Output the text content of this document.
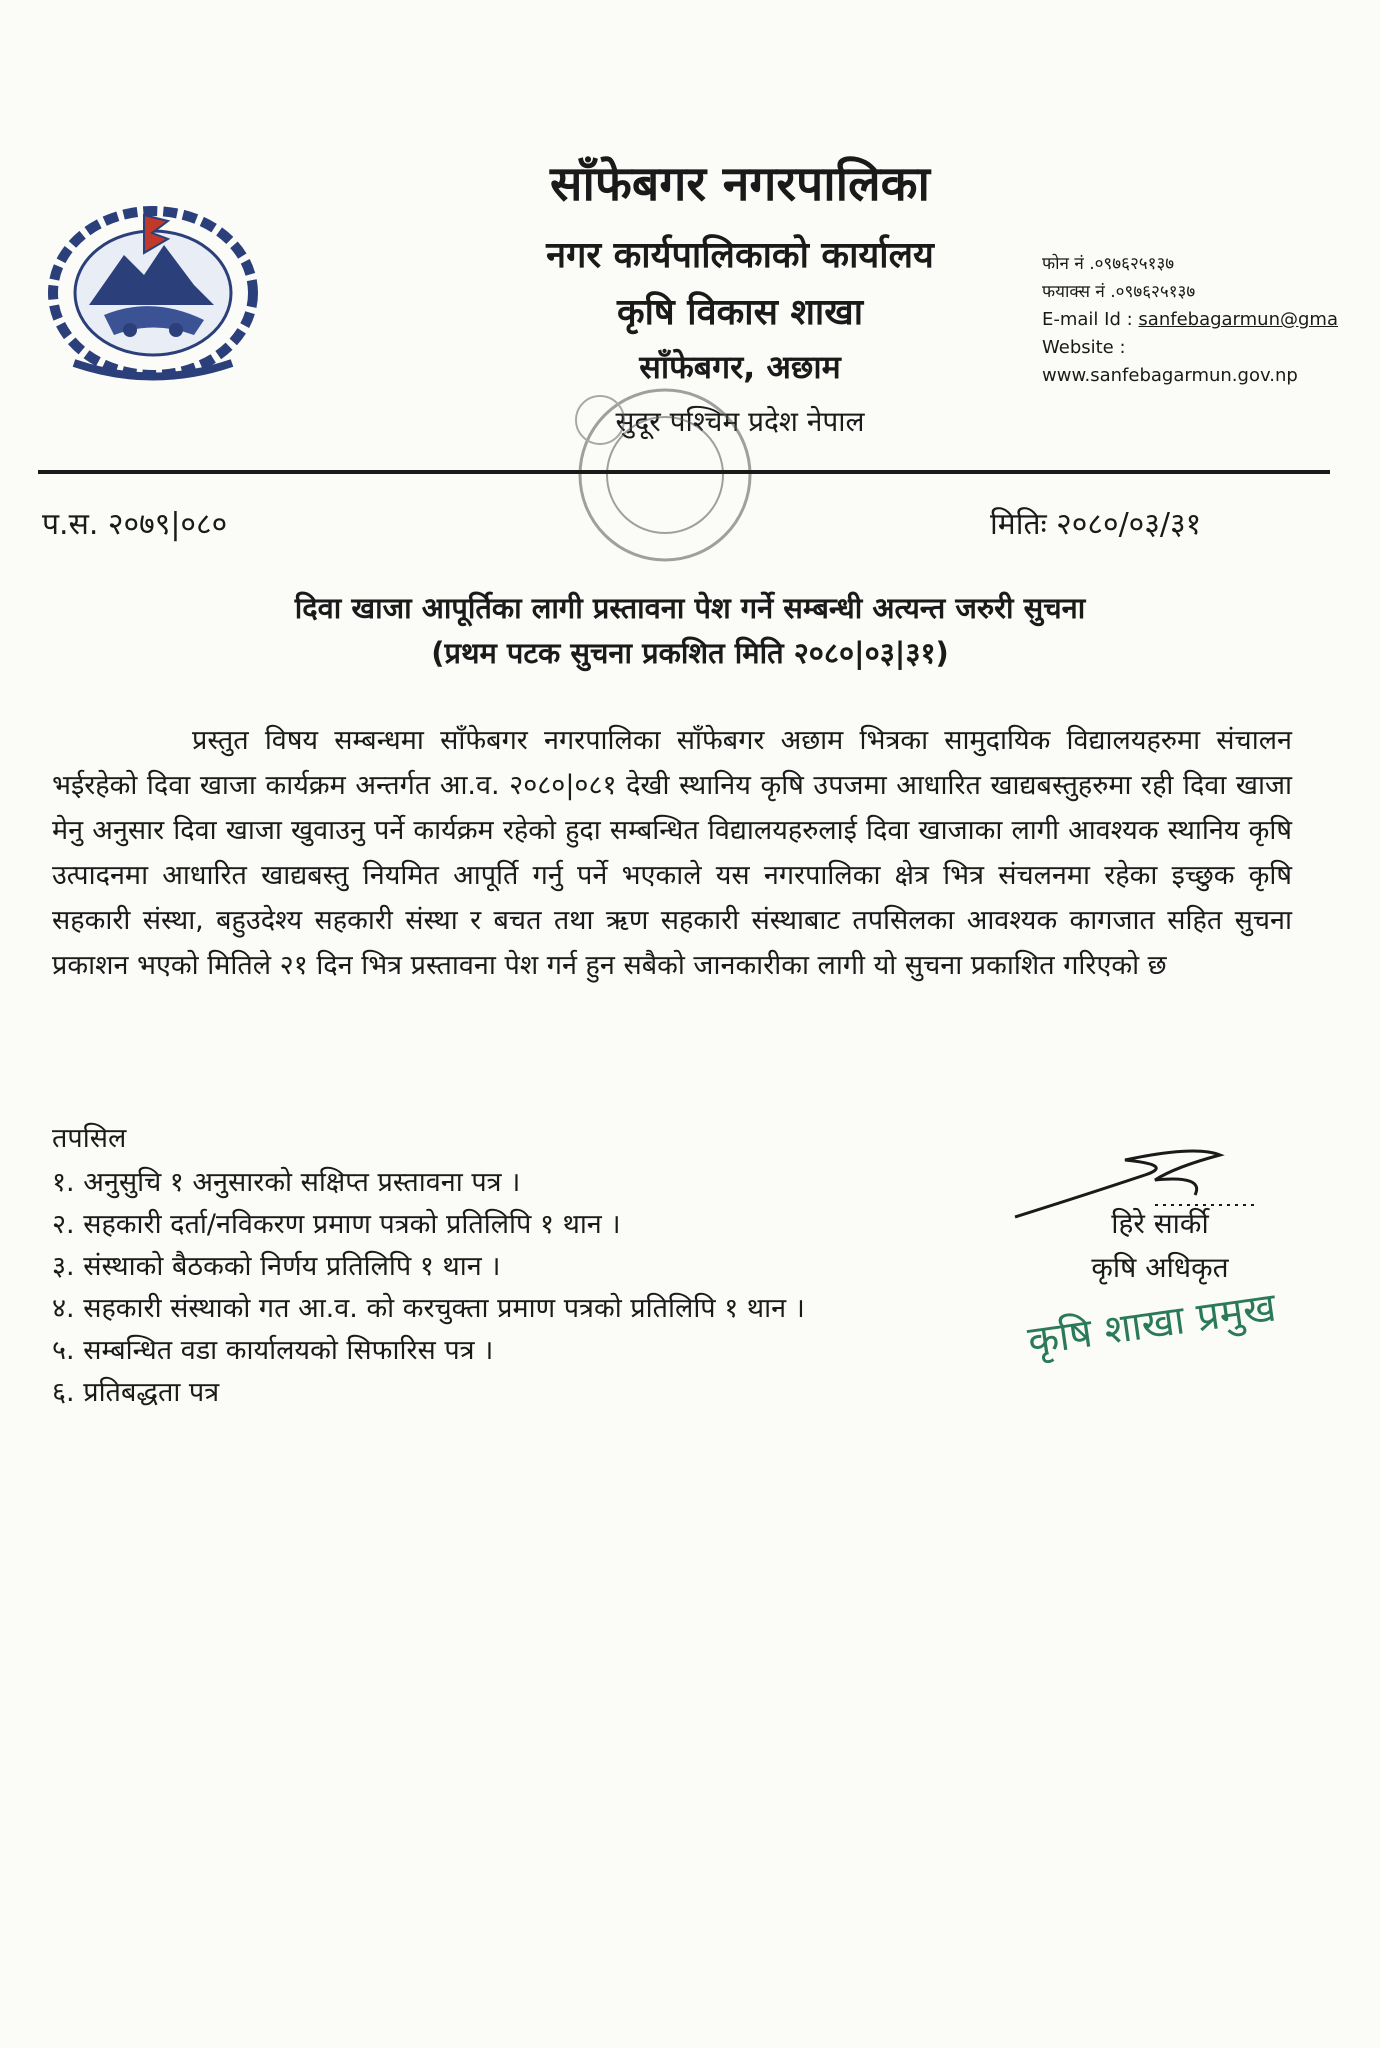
साँफेबगर नगरपालिका

नगर कार्यपालिकाको कार्यालय

कृषि विकास शाखा

साँफेबगर, अछाम

सुदूर पश्चिम प्रदेश नेपाल

फोन नं .०९७६२५१३७
फयाक्स नं .०९७६२५१३७
E-mail Id : sanfebagarmun@gma
Website :
www.sanfebagarmun.gov.np
प.स. २०७९|०८०	मितिः २०८०/०३/३१

दिवा खाजा आपूर्तिका लागी प्रस्तावना पेश गर्ने सम्बन्धी अत्यन्त जरुरी सुचना

(प्रथम पटक सुचना प्रकशित मिति २०८०|०३|३१)

प्रस्तुत विषय सम्बन्धमा साँफेबगर नगरपालिका साँफेबगर अछाम भित्रका सामुदायिक विद्यालयहरुमा संचालन भईरहेको दिवा खाजा कार्यक्रम अन्तर्गत आ.व. २०८०|०८१ देखी स्थानिय कृषि उपजमा आधारित खाद्यबस्तुहरुमा रही दिवा खाजा मेनु अनुसार दिवा खाजा खुवाउनु पर्ने कार्यक्रम रहेको हुदा सम्बन्धित विद्यालयहरुलाई दिवा खाजाका लागी आवश्यक स्थानिय कृषि उत्पादनमा आधारित खाद्यबस्तु नियमित आपूर्ति गर्नु पर्ने भएकाले यस नगरपालिका क्षेत्र भित्र संचलनमा रहेका इच्छुक कृषि सहकारी संस्था, बहुउदेश्य सहकारी संस्था र बचत तथा ऋण सहकारी संस्थाबाट तपसिलका आवश्यक कागजात सहित सुचना प्रकाशन भएको मितिले २१ दिन भित्र प्रस्तावना पेश गर्न हुन सबैको जानकारीका लागी यो सुचना प्रकाशित गरिएको छ
तपसिल
१. अनुसुचि १ अनुसारको सक्षिप्त प्रस्तावना पत्र ।
२. सहकारी दर्ता/नविकरण प्रमाण पत्रको प्रतिलिपि १ थान ।
३. संस्थाको बैठकको निर्णय प्रतिलिपि १ थान ।
४. सहकारी संस्थाको गत आ.व. को करचुक्ता प्रमाण पत्रको प्रतिलिपि १ थान ।
५. सम्बन्धित वडा कार्यालयको सिफारिस पत्र ।
६. प्रतिबद्धता पत्र
हिरे सार्की
कृषि अधिकृत
कृषि शाखा प्रमुख
